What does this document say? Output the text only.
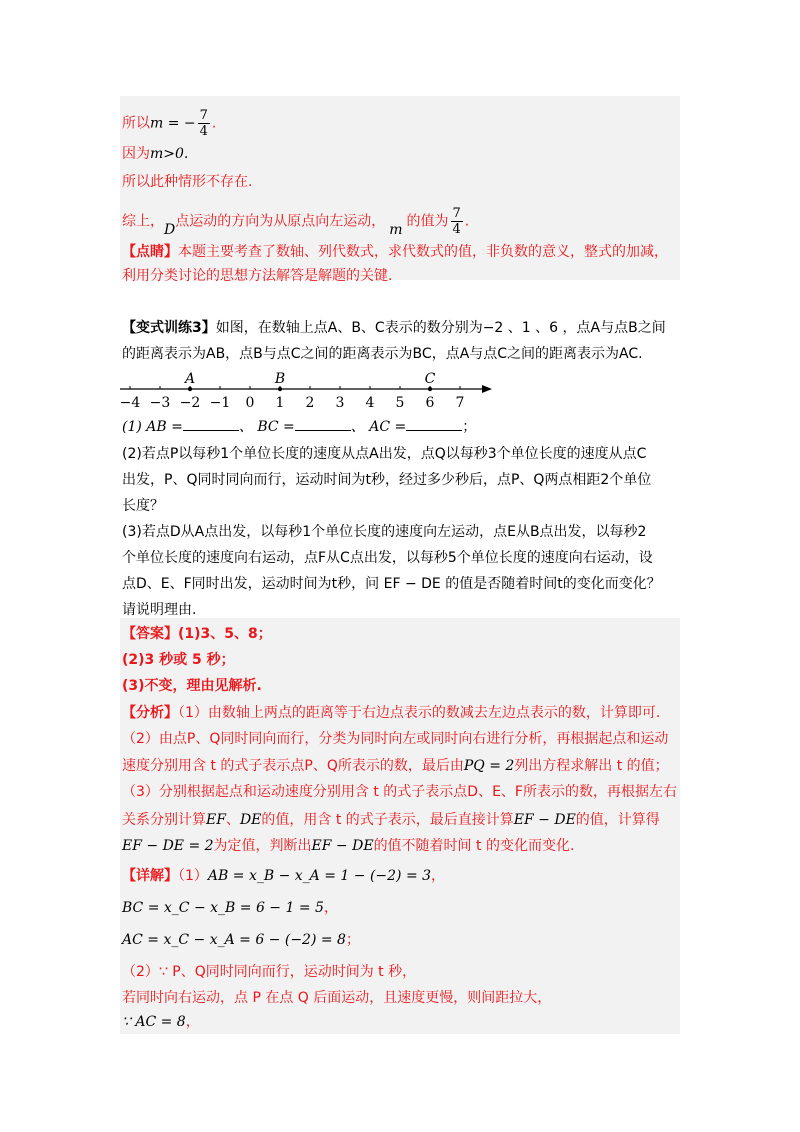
所以m = − $\frac{7}{4}$ .
因为m>0.
所以此种情形不存在.
综上，D点运动的方向为从原点向左运动， m 的值为 $\frac{7}{4}$ .
【点睛】本题主要考查了数轴、列代数式，求代数式的值，非负数的意义，整式的加减，
利用分类讨论的思想方法解答是解题的关键.
【变式训练3】如图，在数轴上点A、B、C表示的数分别为−2 、1 、6 ，点A与点B之间
的距离表示为AB，点B与点C之间的距离表示为BC，点A与点C之间的距离表示为AC.
−4 −3 −2 −1 0 1 2 3 4 5 6 7
A	B	C
(1) AB =	、 BC =	、 AC =	；
(2)若点P以每秒1个单位长度的速度从点A出发，点Q以每秒3个单位长度的速度从点C
出发，P、Q同时同向而行，运动时间为t秒，经过多少秒后，点P、Q两点相距2个单位
长度？
(3)若点D从A点出发，以每秒1个单位长度的速度向左运动，点E从B点出发，以每秒2
个单位长度的速度向右运动，点F从C点出发，以每秒5个单位长度的速度向右运动，设
点D、E、F同时出发，运动时间为t秒，问 EF − DE 的值是否随着时间t的变化而变化？
请说明理由.
【答案】(1)3、5、8；
(2)3 秒或 5 秒；
(3)不变，理由见解析.
【分析】（1）由数轴上两点的距离等于右边点表示的数减去左边点表示的数，计算即可.
（2）由点P、Q同时同向而行，分类为同时向左或同时向右进行分析，再根据起点和运动
速度分别用含 t 的式子表示点P、Q所表示的数，最后由PQ = 2列出方程求解出 t 的值；
（3）分别根据起点和运动速度分别用含 t 的式子表示点D、E、F所表示的数，再根据左右
关系分别计算EF、DE的值，用含 t 的式子表示，最后直接计算EF − DE的值，计算得
EF − DE = 2为定值，判断出EF − DE的值不随着时间 t 的变化而变化.
【详解】（1）AB = x_B − x_A = 1 − (−2) = 3，
BC = x_C − x_B = 6 − 1 = 5，
AC = x_C − x_A = 6 − (−2) = 8；
（2）∵ P、Q同时同向而行，运动时间为 t 秒，
若同时向右运动，点 P 在点 Q 后面运动，且速度更慢，则间距拉大，
∵ AC = 8，
